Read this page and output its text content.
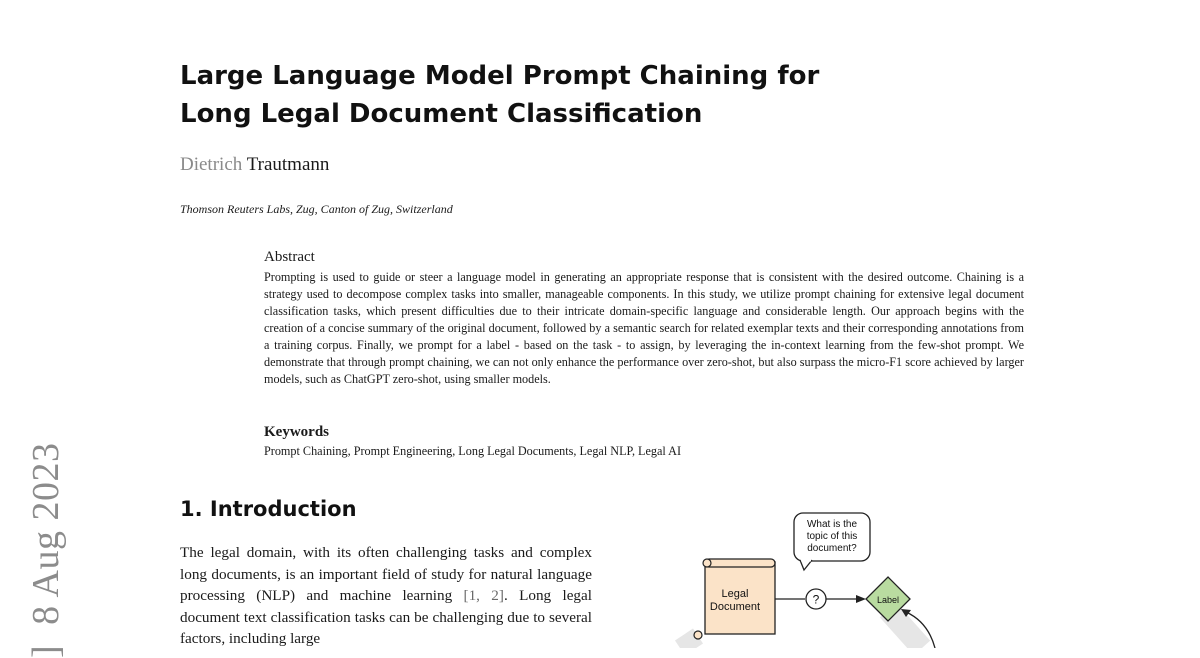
Large Language Model Prompt Chaining for Long Legal Document Classification
Dietrich Trautmann
Thomson Reuters Labs, Zug, Canton of Zug, Switzerland
Abstract

Prompting is used to guide or steer a language model in generating an appropriate response that is consistent with the desired outcome. Chaining is a strategy used to decompose complex tasks into smaller, manageable components. In this study, we utilize prompt chaining for extensive legal document classification tasks, which present difficulties due to their intricate domain-specific language and considerable length. Our approach begins with the creation of a concise summary of the original document, followed by a semantic search for related exemplar texts and their corresponding annotations from a training corpus. Finally, we prompt for a label - based on the task - to assign, by leveraging the in-context learning from the few-shot prompt. We demonstrate that through prompt chaining, we can not only enhance the performance over zero-shot, but also surpass the micro-F1 score achieved by larger models, such as ChatGPT zero-shot, using smaller models.

Keywords
Prompt Chaining, Prompt Engineering, Long Legal Documents, Legal NLP, Legal AI
1. Introduction

The legal domain, with its often challenging tasks and complex long documents, is an important field of study for natural language processing (NLP) and machine learning [1, 2]. Long legal document text classification tasks can be challenging due to several factors, including large

]  8 Aug 2023	What is the
topic of this
document?
Legal
Document
?	Label
